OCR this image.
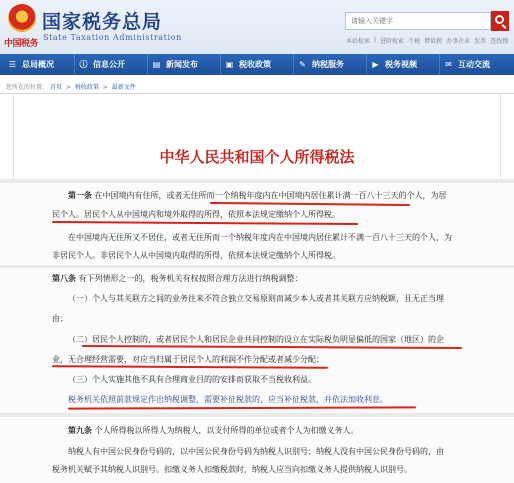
中国税务
国家税务总局
State Taxation Administration
请输入关键字	本站检索 | 进阶检索 个税 增值税 办事企业 发票 查找搜
☰ 总局概况	ⓘ 信息公开	▤ 新闻发布	▣ 税收政策	✎ 纳税服务	▶ 税务视频	✉ 互动交流
您所在的位置： 首页 > 税收政策 > 最新文件
中华人民共和国个人所得税法
第一条 在中国境内有住所，或者无住所而一个纳税年度内在中国境内居住累计满一百八十三天的个人，为居
民个人。居民个人从中国境内和境外取得的所得，依照本法规定缴纳个人所得税。
在中国境内无住所又不居住，或者无住所而一个纳税年度内在中国境内居住累计不满一百八十三天的个人，为
非居民个人。非居民个人从中国境内取得的所得，依照本法规定缴纳个人所得税。
第八条 有下列情形之一的，税务机关有权按照合理方法进行纳税调整：
（一）个人与其关联方之间的业务往来不符合独立交易原则而减少本人或者其关联方应纳税额，且无正当理
由；
（二）居民个人控制的，或者居民个人和居民企业共同控制的设立在实际税负明显偏低的国家（地区）的企
业，无合理经营需要，对应当归属于居民个人的利润不作分配或者减少分配；
（三）个人实施其他不具有合理商业目的的安排而获取不当税收利益。
税务机关依照前款规定作出纳税调整，需要补征税款的，应当补征税款，并依法加收利息。
第九条 个人所得税以所得人为纳税人，以支付所得的单位或者个人为扣缴义务人。
纳税人有中国公民身份号码的，以中国公民身份号码为纳税人识别号；纳税人没有中国公民身份号码的，由
税务机关赋予其纳税人识别号。扣缴义务人扣缴税款时，纳税人应当向扣缴义务人提供纳税人识别号。
